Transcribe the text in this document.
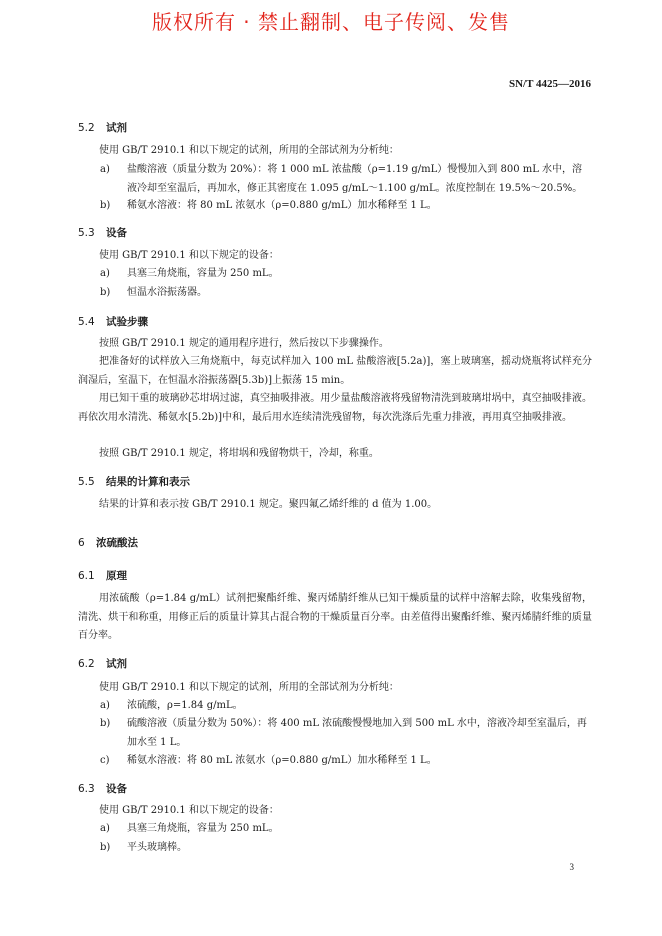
版权所有 · 禁止翻制、电子传阅、发售
SN/T 4425—2016
5.2 试剂
使用 GB/T 2910.1 和以下规定的试剂，所用的全部试剂为分析纯：
a)	盐酸溶液（质量分数为 20%）：将 1 000 mL 浓盐酸（ρ=1.19 g/mL）慢慢加入到 800 mL 水中，溶液冷却至室温后，再加水，修正其密度在 1.095 g/mL～1.100 g/mL。浓度控制在 19.5%～20.5%。
b)	稀氨水溶液：将 80 mL 浓氨水（ρ=0.880 g/mL）加水稀释至 1 L。
5.3 设备
使用 GB/T 2910.1 和以下规定的设备：
a)	具塞三角烧瓶，容量为 250 mL。
b)	恒温水浴振荡器。
5.4 试验步骤
按照 GB/T 2910.1 规定的通用程序进行，然后按以下步骤操作。
把准备好的试样放入三角烧瓶中，每克试样加入 100 mL 盐酸溶液[5.2a)]，塞上玻璃塞，摇动烧瓶将试样充分润湿后，室温下，在恒温水浴振荡器[5.3b)]上振荡 15 min。
用已知干重的玻璃砂芯坩埚过滤，真空抽吸排液。用少量盐酸溶液将残留物清洗到玻璃坩埚中，真空抽吸排液。再依次用水清洗、稀氨水[5.2b)]中和，最后用水连续清洗残留物，每次洗涤后先重力排液，再用真空抽吸排液。
按照 GB/T 2910.1 规定，将坩埚和残留物烘干，冷却，称重。
5.5 结果的计算和表示
结果的计算和表示按 GB/T 2910.1 规定。聚四氟乙烯纤维的 d 值为 1.00。
6 浓硫酸法
6.1 原理
用浓硫酸（ρ=1.84 g/mL）试剂把聚酯纤维、聚丙烯腈纤维从已知干燥质量的试样中溶解去除，收集残留物，清洗、烘干和称重，用修正后的质量计算其占混合物的干燥质量百分率。由差值得出聚酯纤维、聚丙烯腈纤维的质量百分率。
6.2 试剂
使用 GB/T 2910.1 和以下规定的试剂，所用的全部试剂为分析纯：
a)	浓硫酸，ρ=1.84 g/mL。
b)	硫酸溶液（质量分数为 50%）：将 400 mL 浓硫酸慢慢地加入到 500 mL 水中，溶液冷却至室温后，再加水至 1 L。
c)	稀氨水溶液：将 80 mL 浓氨水（ρ=0.880 g/mL）加水稀释至 1 L。
6.3 设备
使用 GB/T 2910.1 和以下规定的设备：
a)	具塞三角烧瓶，容量为 250 mL。
b)	平头玻璃棒。
3
